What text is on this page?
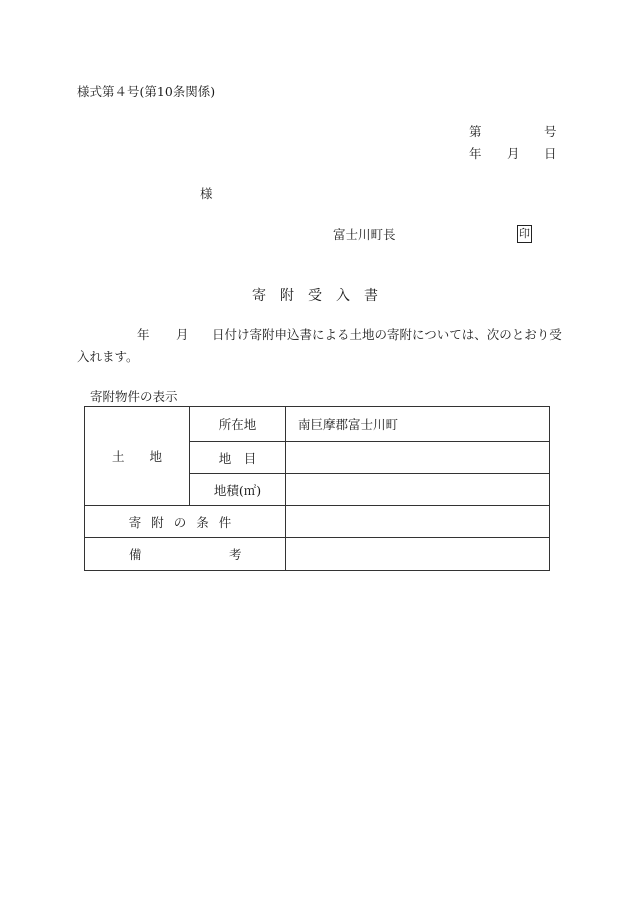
様式第４号(第10条関係)
第	号
年 月 日
様
富士川町長	印
寄 附 受 入 書
年 月 日付け寄附申込書による土地の寄附については、次のとおり受
入れます。
寄附物件の表示
土　　地	所在地	南巨摩郡富士川町
	地　目	
	地積(㎡)	
寄附の条件		

備 考		
